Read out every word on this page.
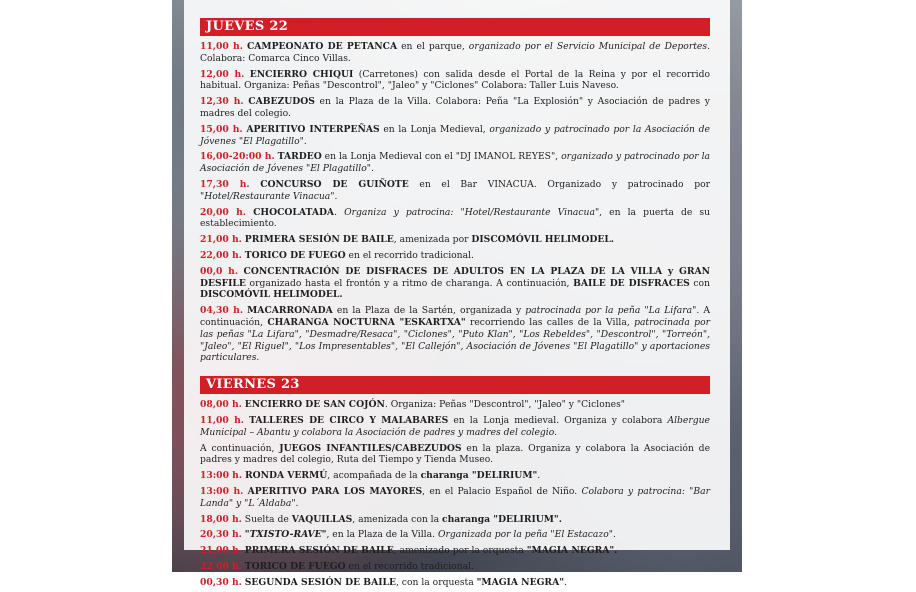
JUEVES 22
11,00 h. CAMPEONATO DE PETANCA en el parque, organizado por el Servicio Municipal de Deportes. Colabora: Comarca Cinco Villas.
12,00 h. ENCIERRO CHIQUI (Carretones) con salida desde el Portal de la Reina y por el recorrido habitual. Organiza: Peñas "Descontrol", "Jaleo" y "Ciclones" Colabora: Taller Luis Naveso.
12,30 h. CABEZUDOS en la Plaza de la Villa. Colabora: Peña "La Explosión" y Asociación de padres y madres del colegio.
15,00 h. APERITIVO INTERPEÑAS en la Lonja Medieval, organizado y patrocinado por la Asociación de Jóvenes "El Plagatillo".
16,00-20:00 h. TARDEO en la Lonja Medieval con el "DJ IMANOL REYES", organizado y patrocinado por la Asociación de Jóvenes "El Plagatillo".
17,30 h. CONCURSO DE GUIÑOTE en el Bar VINACUA. Organizado y patrocinado por "Hotel/Restaurante Vinacua".
20,00 h. CHOCOLATADA. Organiza y patrocina: "Hotel/Restaurante Vinacua", en la puerta de su establecimiento.
21,00 h. PRIMERA SESIÓN DE BAILE, amenizada por DISCOMÓVIL HELIMODEL.
22,00 h. TORICO DE FUEGO en el recorrido tradicional.
00,0 h. CONCENTRACIÓN DE DISFRACES DE ADULTOS EN LA PLAZA DE LA VILLA y GRAN DESFILE organizado hasta el frontón y a ritmo de charanga. A continuación, BAILE DE DISFRACES con DISCOMÓVIL HELIMODEL.
04,30 h. MACARRONADA en la Plaza de la Sartén, organizada y patrocinada por la peña "La Lifara". A continuación, CHARANGA NOCTURNA "ESKARTXA" recorriendo las calles de la Villa, patrocinada por las peñas "La Lifara", "Desmadre/Resaca", "Ciclones", "Puto Klan", "Los Rebeldes", "Descontrol", "Torreón", "Jaleo", "El Riguel", "Los Impresentables", "El Callejón", Asociación de Jóvenes "El Plagatillo" y aportaciones particulares.
VIERNES 23
08,00 h. ENCIERRO DE SAN COJÓN. Organiza: Peñas "Descontrol", "Jaleo" y "Ciclones"
11,00 h. TALLERES DE CIRCO Y MALABARES en la Lonja medieval. Organiza y colabora Albergue Municipal – Abantu y colabora la Asociación de padres y madres del colegio.
A continuación, JUEGOS INFANTILES/CABEZUDOS en la plaza. Organiza y colabora la Asociación de padres y madres del colegio, Ruta del Tiempo y Tienda Museo.
13:00 h. RONDA VERMÚ, acompañada de la charanga "DELIRIUM".
13:00 h. APERITIVO PARA LOS MAYORES, en el Palacio Español de Niño. Colabora y patrocina: "Bar Landa" y "L´Aldaba".
18,00 h. Suelta de VAQUILLAS, amenizada con la charanga "DELIRIUM".
20,30 h. "TXISTO-RAVE", en la Plaza de la Villa. Organizada por la peña "El Estacazo".
21,00 h. PRIMERA SESIÓN DE BAILE, amenizado por la orquesta "MAGIA NEGRA".
22,00 h. TORICO DE FUEGO en el recorrido tradicional.
00,30 h. SEGUNDA SESIÓN DE BAILE, con la orquesta "MAGIA NEGRA".
